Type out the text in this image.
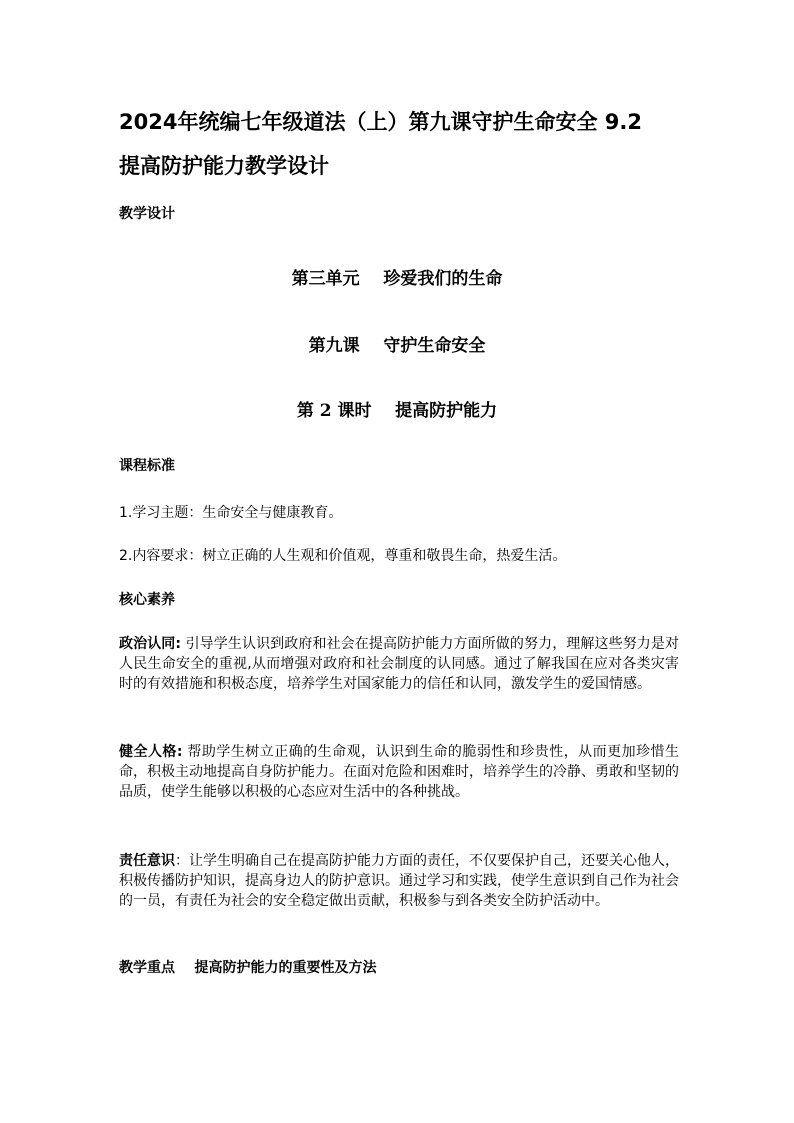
2024年统编七年级道法（上）第九课守护生命安全 9.2
提高防护能力教学设计

教学设计

第三单元    珍爱我们的生命

第九课    守护生命安全

第 2 课时    提高防护能力

课程标准

1.学习主题：生命安全与健康教育。

2.内容要求：树立正确的人生观和价值观，尊重和敬畏生命，热爱生活。

核心素养

政治认同: 引导学生认识到政府和社会在提高防护能力方面所做的努力，理解这些努力是对人民生命安全的重视,从而增强对政府和社会制度的认同感。通过了解我国在应对各类灾害时的有效措施和积极态度，培养学生对国家能力的信任和认同，激发学生的爱国情感。

健全人格: 帮助学生树立正确的生命观，认识到生命的脆弱性和珍贵性，从而更加珍惜生命，积极主动地提高自身防护能力。在面对危险和困难时，培养学生的冷静、勇敢和坚韧的品质，使学生能够以积极的心态应对生活中的各种挑战。

责任意识：让学生明确自己在提高防护能力方面的责任，不仅要保护自己，还要关心他人，积极传播防护知识，提高身边人的防护意识。通过学习和实践，使学生意识到自己作为社会的一员，有责任为社会的安全稳定做出贡献，积极参与到各类安全防护活动中。

教学重点    提高防护能力的重要性及方法
